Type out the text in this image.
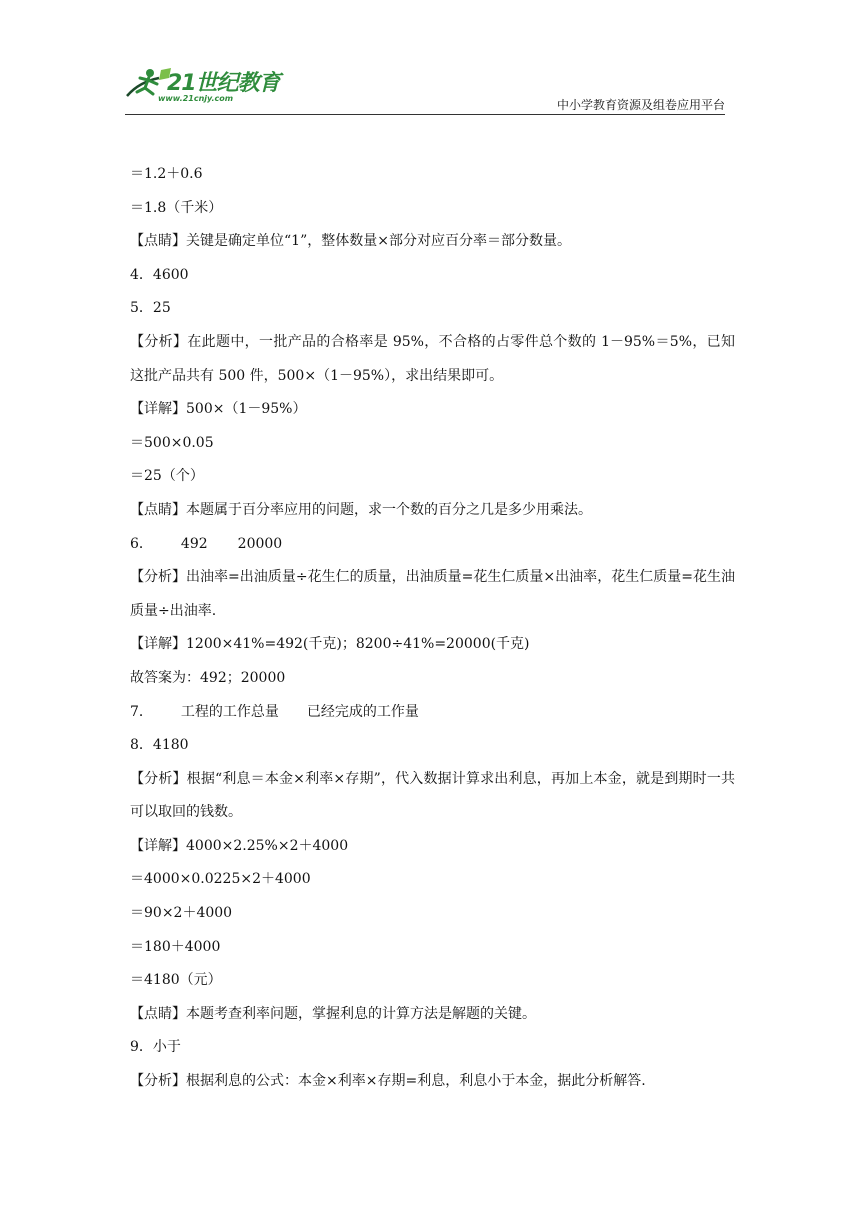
21世纪教育
www.21cnjy.com	中小学教育资源及组卷应用平台

＝1.2＋0.6

＝1.8（千米）

【点睛】关键是确定单位“1”，整体数量×部分对应百分率＝部分数量。

4．4600

5．25

【分析】在此题中，一批产品的合格率是 95%，不合格的占零件总个数的 1－95%＝5%，已知这批产品共有 500 件，500×（1－95%），求出结果即可。

【详解】500×（1－95%）

＝500×0.05

＝25（个）

【点睛】本题属于百分率应用的问题，求一个数的百分之几是多少用乘法。

6． 492 20000

【分析】出油率=出油质量÷花生仁的质量，出油质量=花生仁质量×出油率，花生仁质量=花生油质量÷出油率.

【详解】1200×41%=492(千克)；8200÷41%=20000(千克)

故答案为：492；20000

7． 工程的工作总量 已经完成的工作量

8．4180

【分析】根据“利息＝本金×利率×存期”，代入数据计算求出利息，再加上本金，就是到期时一共可以取回的钱数。

【详解】4000×2.25%×2＋4000

＝4000×0.0225×2＋4000

＝90×2＋4000

＝180＋4000

＝4180（元）

【点睛】本题考查利率问题，掌握利息的计算方法是解题的关键。

9．小于

【分析】根据利息的公式：本金×利率×存期=利息，利息小于本金，据此分析解答.
